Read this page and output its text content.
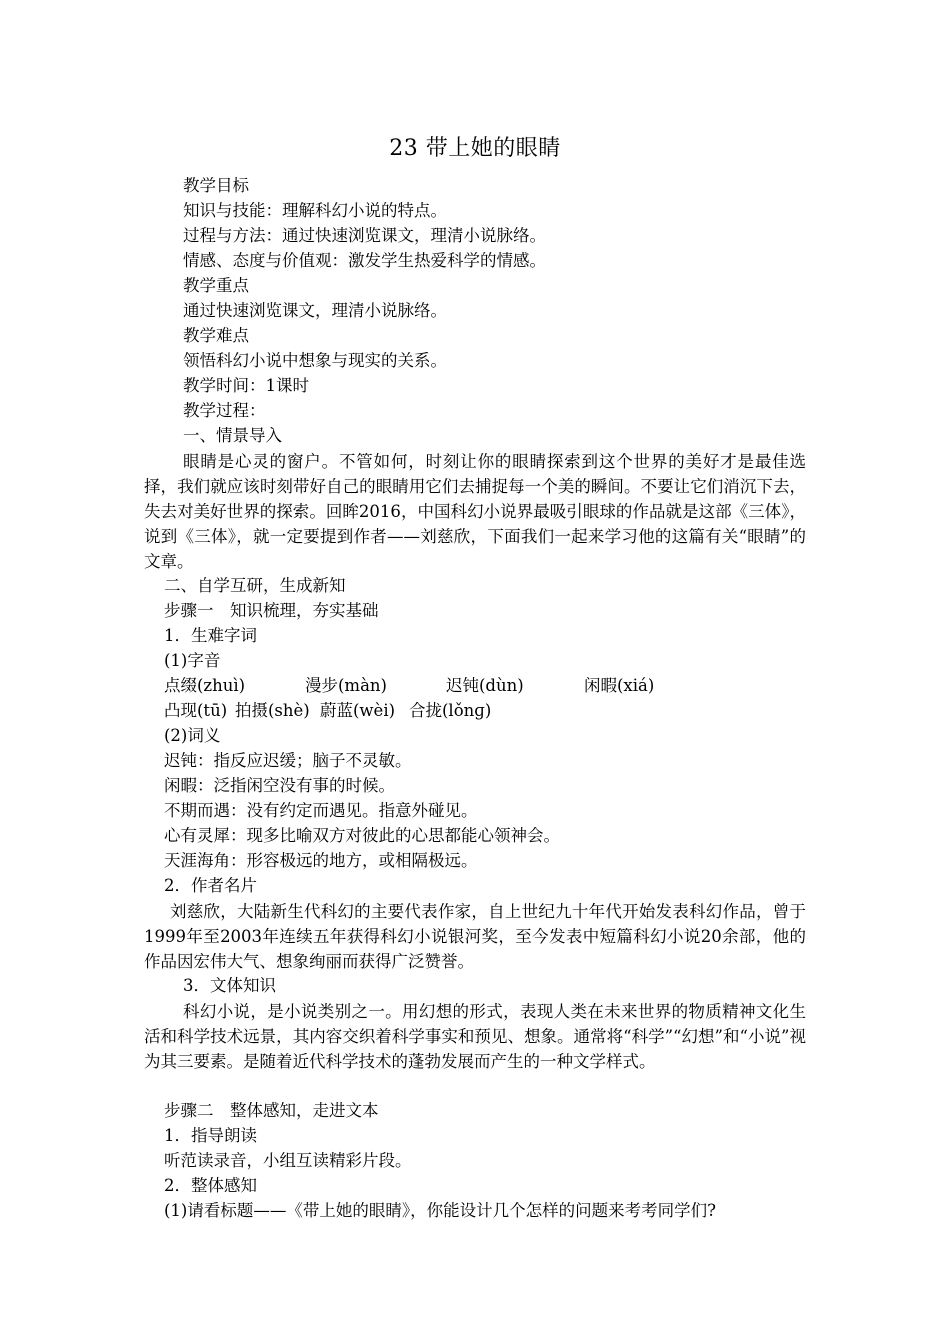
23 带上她的眼睛
教学目标
知识与技能：理解科幻小说的特点。
过程与方法：通过快速浏览课文，理清小说脉络。
情感、态度与价值观：激发学生热爱科学的情感。
教学重点
通过快速浏览课文，理清小说脉络。
教学难点
领悟科幻小说中想象与现实的关系。
教学时间：1课时
教学过程：
一、情景导入
眼睛是心灵的窗户。不管如何，时刻让你的眼睛探索到这个世界的美好才是最佳选择，我们就应该时刻带好自己的眼睛用它们去捕捉每一个美的瞬间。不要让它们消沉下去，失去对美好世界的探索。回眸2016，中国科幻小说界最吸引眼球的作品就是这部《三体》，说到《三体》，就一定要提到作者——刘慈欣，下面我们一起来学习他的这篇有关“眼睛”的文章。
二、自学互研，生成新知
步骤一　知识梳理，夯实基础
1．生难字词
(1)字音
点缀(zhuì)	漫步(màn)	迟钝(dùn)	闲暇(xiá)
凸现(tū) 拍摄(shè) 蔚蓝(wèi) 合拢(lǒnɡ)
(2)词义
迟钝：指反应迟缓；脑子不灵敏。
闲暇：泛指闲空没有事的时候。
不期而遇：没有约定而遇见。指意外碰见。
心有灵犀：现多比喻双方对彼此的心思都能心领神会。
天涯海角：形容极远的地方，或相隔极远。
2．作者名片
刘慈欣，大陆新生代科幻的主要代表作家，自上世纪九十年代开始发表科幻作品，曾于1999年至2003年连续五年获得科幻小说银河奖，至今发表中短篇科幻小说20余部，他的作品因宏伟大气、想象绚丽而获得广泛赞誉。
3．文体知识
科幻小说，是小说类别之一。用幻想的形式，表现人类在未来世界的物质精神文化生活和科学技术远景，其内容交织着科学事实和预见、想象。通常将“科学”“幻想”和“小说”视为其三要素。是随着近代科学技术的蓬勃发展而产生的一种文学样式。
步骤二　整体感知，走进文本
1．指导朗读
听范读录音，小组互读精彩片段。
2．整体感知
(1)请看标题——《带上她的眼睛》，你能设计几个怎样的问题来考考同学们?
